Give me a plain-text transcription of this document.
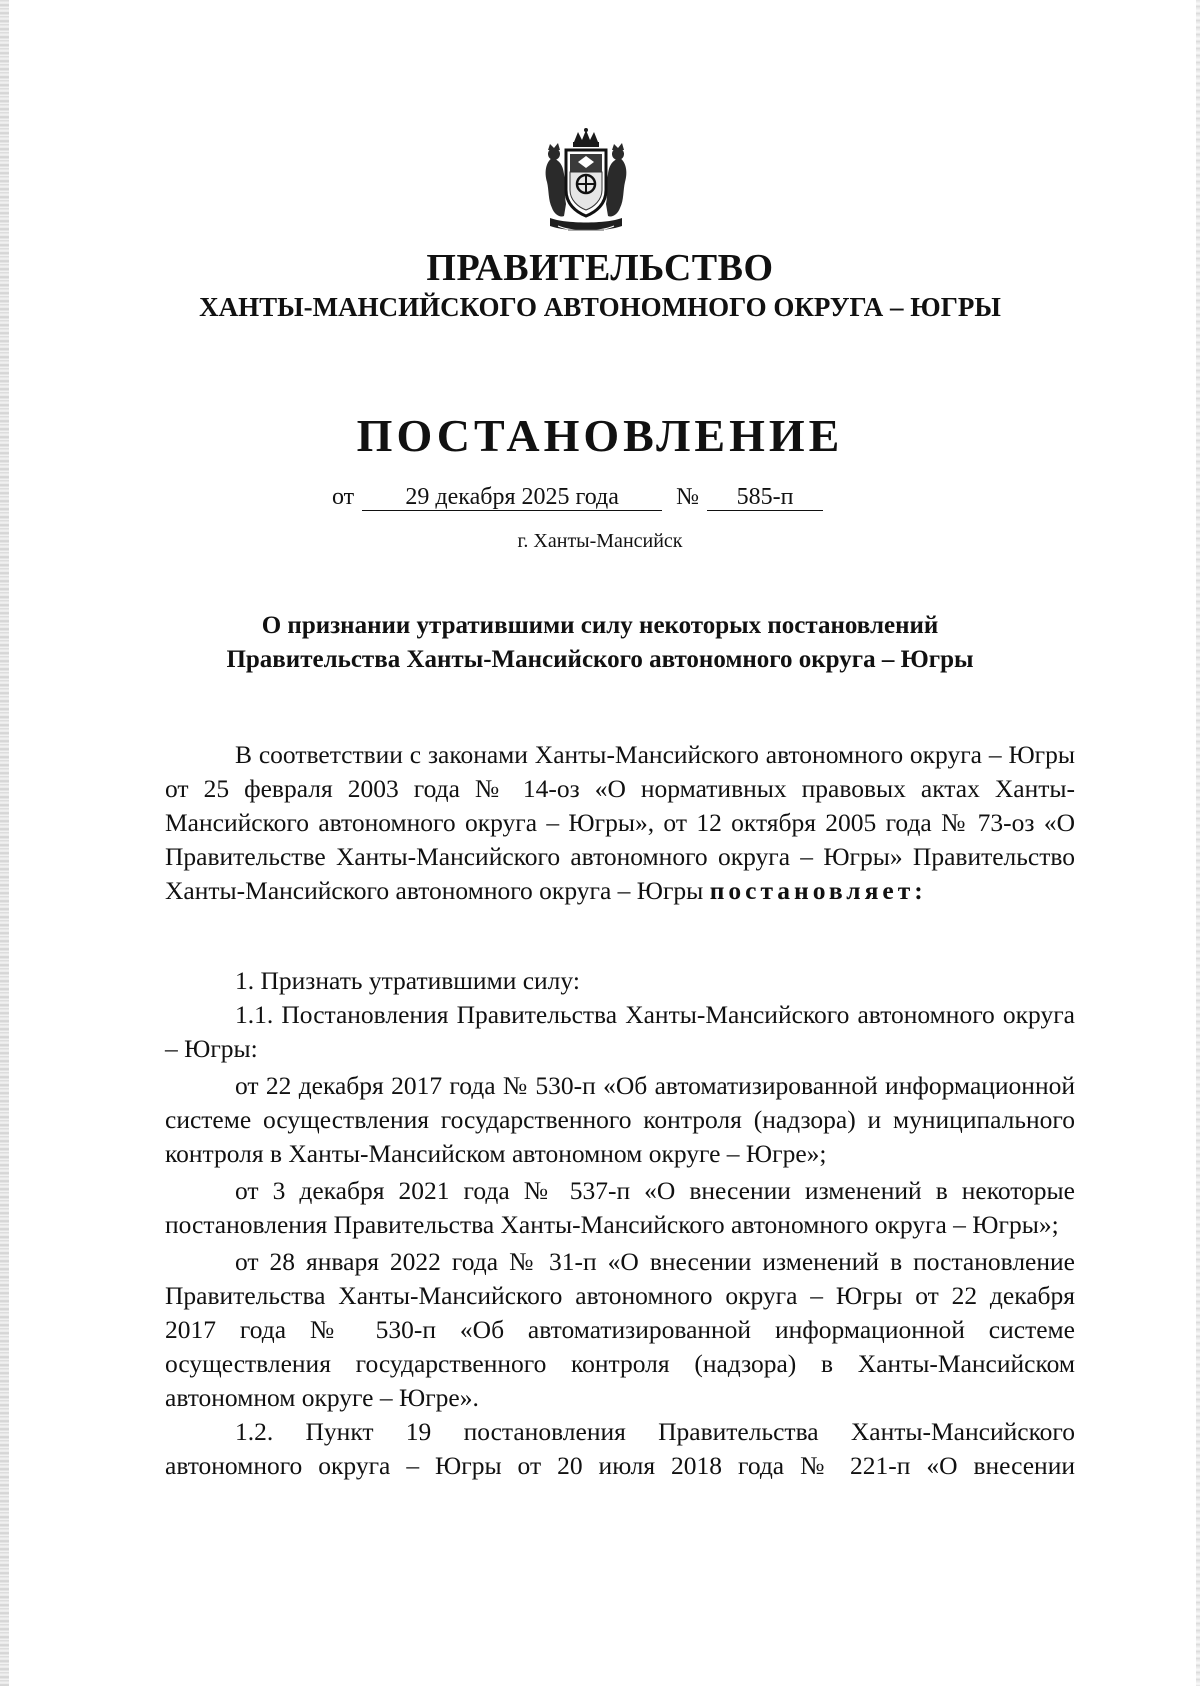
ПРАВИТЕЛЬСТВО
ХАНТЫ-МАНСИЙСКОГО АВТОНОМНОГО ОКРУГА – ЮГРЫ
ПОСТАНОВЛЕНИЕ
от 29 декабря 2025 года № 585-п
г. Ханты-Мансийск
О признании утратившими силу некоторых постановлений
Правительства Ханты-Мансийского автономного округа – Югры

В соответствии с законами Ханты-Мансийского автономного округа – Югры от 25 февраля 2003 года № 14-оз «О нормативных правовых актах Ханты-Мансийского автономного округа – Югры», от 12 октября 2005 года № 73-оз «О Правительстве Ханты-Мансийского автономного округа – Югры» Правительство Ханты-Мансийского автономного округа – Югры постановляет:

1. Признать утратившими силу:

1.1. Постановления Правительства Ханты-Мансийского автономного округа – Югры:

от 22 декабря 2017 года № 530-п «Об автоматизированной информационной системе осуществления государственного контроля (надзора) и муниципального контроля в Ханты-Мансийском автономном округе – Югре»;

от 3 декабря 2021 года № 537-п «О внесении изменений в некоторые постановления Правительства Ханты-Мансийского автономного округа – Югры»;

от 28 января 2022 года № 31-п «О внесении изменений в постановление Правительства Ханты-Мансийского автономного округа – Югры от 22 декабря 2017 года № 530-п «Об автоматизированной информационной системе осуществления государственного контроля (надзора) в Ханты-Мансийском автономном округе – Югре».

1.2. Пункт 19 постановления Правительства Ханты-Мансийского автономного округа – Югры от 20 июля 2018 года № 221-п «О внесении
